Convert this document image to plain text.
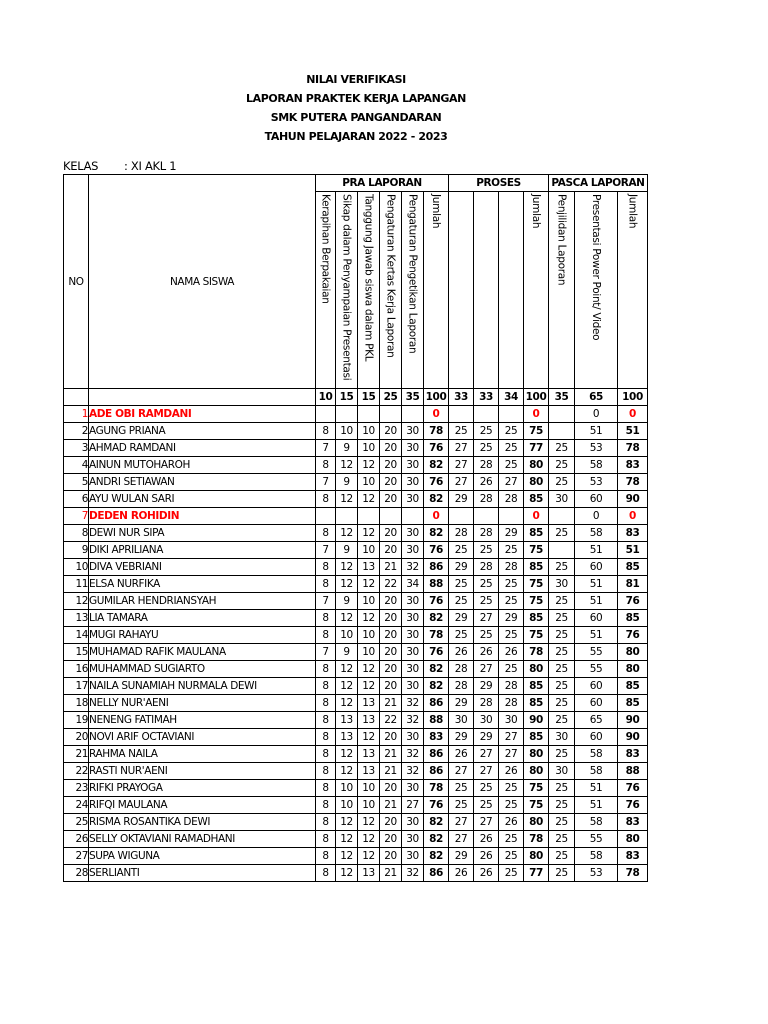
NILAI VERIFIKASI
LAPORAN PRAKTEK KERJA LAPANGAN
SMK PUTERA PANGANDARAN
TAHUN PELAJARAN 2022 - 2023
KELAS : XI AKL 1
NO	NAMA SISWA	PRA LAPORAN						PROSES				PASCA LAPORAN		

		Kerapihan Berpakaian	Sikap dalam Penyampaian Presentasi	Tanggung Jawab siswa dalam PKL	Pengaturan Kertas Kerja Laporan	Pengaturan Pengetikan Laporan	Jumlah				Jumlah	Penjilidan Laporan	Presentasi Power Point/ Video	Jumlah

		10	15	15	25	35	100	33	33	34	100	35	65	100
1	ADE OBI RAMDANI						0				0		0	0
2	AGUNG PRIANA	8	10	10	20	30	78	25	25	25	75		51	51
3	AHMAD RAMDANI	7	9	10	20	30	76	27	25	25	77	25	53	78
4	AINUN MUTOHAROH	8	12	12	20	30	82	27	28	25	80	25	58	83
5	ANDRI SETIAWAN	7	9	10	20	30	76	27	26	27	80	25	53	78
6	AYU WULAN SARI	8	12	12	20	30	82	29	28	28	85	30	60	90
7	DEDEN ROHIDIN						0				0		0	0
8	DEWI NUR SIPA	8	12	12	20	30	82	28	28	29	85	25	58	83
9	DIKI APRILIANA	7	9	10	20	30	76	25	25	25	75		51	51
10	DIVA VEBRIANI	8	12	13	21	32	86	29	28	28	85	25	60	85
11	ELSA NURFIKA	8	12	12	22	34	88	25	25	25	75	30	51	81
12	GUMILAR HENDRIANSYAH	7	9	10	20	30	76	25	25	25	75	25	51	76
13	LIA TAMARA	8	12	12	20	30	82	29	27	29	85	25	60	85
14	MUGI RAHAYU	8	10	10	20	30	78	25	25	25	75	25	51	76
15	MUHAMAD RAFIK MAULANA	7	9	10	20	30	76	26	26	26	78	25	55	80
16	MUHAMMAD SUGIARTO	8	12	12	20	30	82	28	27	25	80	25	55	80
17	NAILA SUNAMIAH NURMALA DEWI	8	12	12	20	30	82	28	29	28	85	25	60	85
18	NELLY NUR'AENI	8	12	13	21	32	86	29	28	28	85	25	60	85
19	NENENG FATIMAH	8	13	13	22	32	88	30	30	30	90	25	65	90
20	NOVI ARIF OCTAVIANI	8	13	12	20	30	83	29	29	27	85	30	60	90
21	RAHMA NAILA	8	12	13	21	32	86	26	27	27	80	25	58	83
22	RASTI NUR'AENI	8	12	13	21	32	86	27	27	26	80	30	58	88
23	RIFKI PRAYOGA	8	10	10	20	30	78	25	25	25	75	25	51	76
24	RIFQI MAULANA	8	10	10	21	27	76	25	25	25	75	25	51	76
25	RISMA ROSANTIKA DEWI	8	12	12	20	30	82	27	27	26	80	25	58	83
26	SELLY OKTAVIANI RAMADHANI	8	12	12	20	30	82	27	26	25	78	25	55	80
27	SUPA WIGUNA	8	12	12	20	30	82	29	26	25	80	25	58	83
28	SERLIANTI	8	12	13	21	32	86	26	26	25	77	25	53	78
